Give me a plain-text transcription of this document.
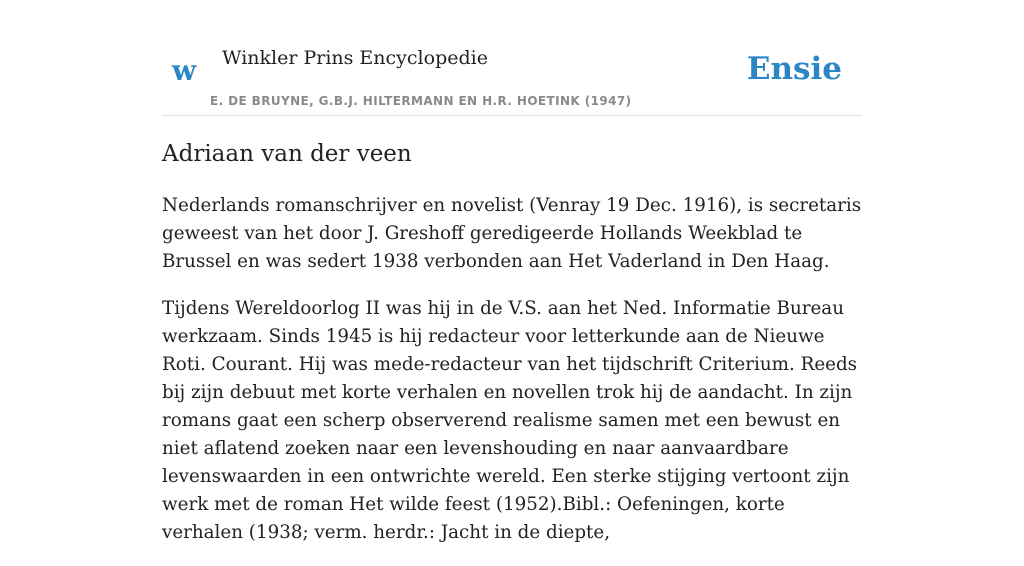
w Winkler Prins Encyclopedie
E. DE BRUYNE, G.B.J. HILTERMANN EN H.R. HOETINK (1947)
Ensie
Adriaan van der veen

Nederlands romanschrijver en novelist (Venray 19 Dec. 1916), is secretaris geweest van het door J. Greshoff geredigeerde Hollands Weekblad te Brussel en was sedert 1938 verbonden aan Het Vaderland in Den Haag.

Tijdens Wereldoorlog II was hij in de V.S. aan het Ned. Informatie Bureau werkzaam. Sinds 1945 is hij redacteur voor letterkunde aan de Nieuwe Roti. Courant. Hij was mede-redacteur van het tijdschrift Criterium. Reeds bij zijn debuut met korte verhalen en novellen trok hij de aandacht. In zijn romans gaat een scherp observerend realisme samen met een bewust en niet aflatend zoeken naar een levenshouding en naar aanvaardbare levenswaarden in een ontwrichte wereld. Een sterke stijging vertoont zijn werk met de roman Het wilde feest (1952).Bibl.: Oefeningen, korte verhalen (1938; verm. herdr.: Jacht in de diepte,
